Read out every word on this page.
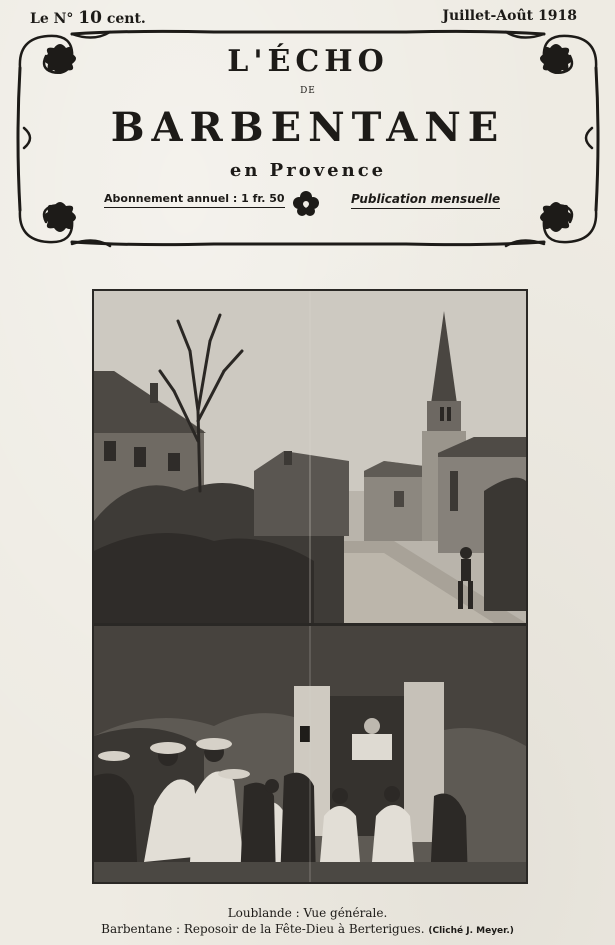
Le N° 10 cent.	Juillet-Août 1918
L'ÉCHO
DE
BARBENTANE
en Provence
Abonnement annuel : 1 fr. 50	Publication mensuelle
Loublande : Vue générale.
Barbentane : Reposoir de la Fête-Dieu à Berterigues. (Cliché J. Meyer.)
